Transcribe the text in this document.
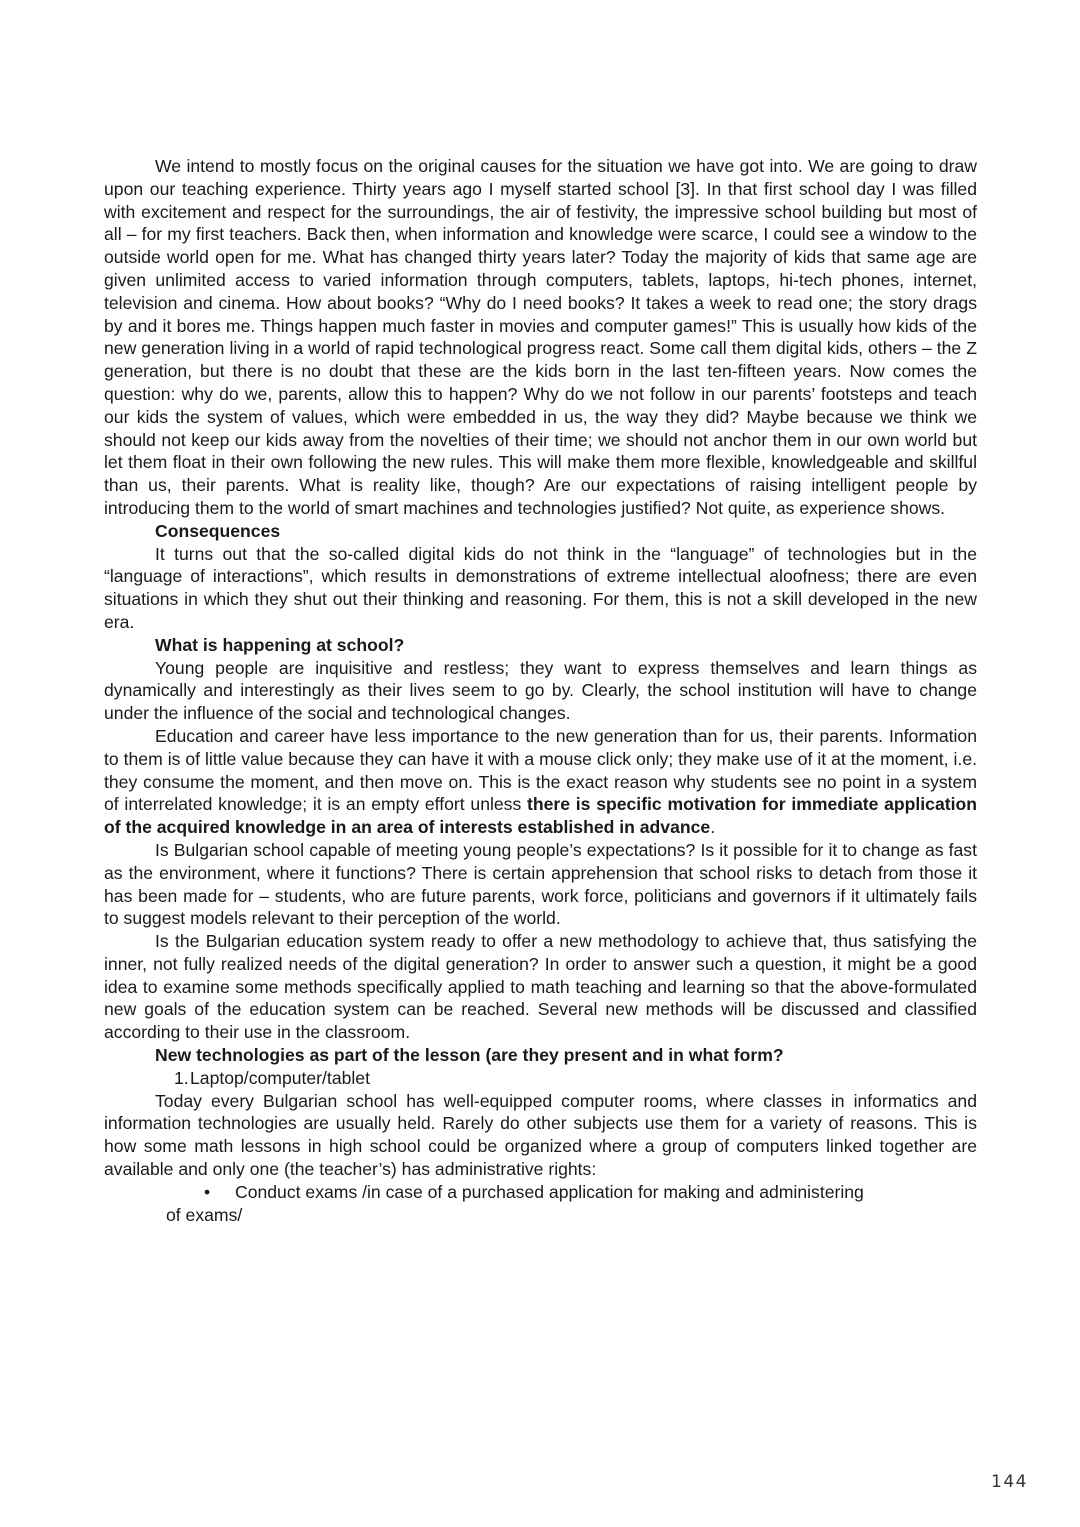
We intend to mostly focus on the original causes for the situation we have got into. We are going to draw upon our teaching experience. Thirty years ago I myself started school [3]. In that first school day I was filled with excitement and respect for the surroundings, the air of festivity, the impressive school building but most of all – for my first teachers. Back then, when information and knowledge were scarce, I could see a window to the outside world open for me. What has changed thirty years later? Today the majority of kids that same age are given unlimited access to varied information through computers, tablets, laptops, hi-tech phones, internet, television and cinema. How about books? “Why do I need books? It takes a week to read one; the story drags by and it bores me. Things happen much faster in movies and computer games!” This is usually how kids of the new generation living in a world of rapid technological progress react. Some call them digital kids, others – the Z generation, but there is no doubt that these are the kids born in the last ten-fifteen years. Now comes the question: why do we, parents, allow this to happen? Why do we not follow in our parents’ footsteps and teach our kids the system of values, which were embedded in us, the way they did? Maybe because we think we should not keep our kids away from the novelties of their time; we should not anchor them in our own world but let them float in their own following the new rules. This will make them more flexible, knowledgeable and skillful than us, their parents. What is reality like, though? Are our expectations of raising intelligent people by introducing them to the world of smart machines and technologies justified? Not quite, as experience shows.

Consequences

It turns out that the so-called digital kids do not think in the “language” of technologies but in the “language of interactions”, which results in demonstrations of extreme intellectual aloofness; there are even situations in which they shut out their thinking and reasoning. For them, this is not a skill developed in the new era.

What is happening at school?

Young people are inquisitive and restless; they want to express themselves and learn things as dynamically and interestingly as their lives seem to go by. Clearly, the school institution will have to change under the influence of the social and technological changes.

Education and career have less importance to the new generation than for us, their parents. Information to them is of little value because they can have it with a mouse click only; they make use of it at the moment, i.e. they consume the moment, and then move on. This is the exact reason why students see no point in a system of interrelated knowledge; it is an empty effort unless there is specific motivation for immediate application of the acquired knowledge in an area of interests established in advance.

Is Bulgarian school capable of meeting young people’s expectations? Is it possible for it to change as fast as the environment, where it functions? There is certain apprehension that school risks to detach from those it has been made for – students, who are future parents, work force, politicians and governors if it ultimately fails to suggest models relevant to their perception of the world.

Is the Bulgarian education system ready to offer a new methodology to achieve that, thus satisfying the inner, not fully realized needs of the digital generation? In order to answer such a question, it might be a good idea to examine some methods specifically applied to math teaching and learning so that the above-formulated new goals of the education system can be reached. Several new methods will be discussed and classified according to their use in the classroom.

New technologies as part of the lesson (are they present and in what form?

1.Laptop/computer/tablet

Today every Bulgarian school has well-equipped computer rooms, where classes in informatics and information technologies are usually held. Rarely do other subjects use them for a variety of reasons. This is how some math lessons in high school could be organized where a group of computers linked together are available and only one (the teacher’s) has administrative rights:

• Conduct exams /in case of a purchased application for making and administering

of exams/

144
